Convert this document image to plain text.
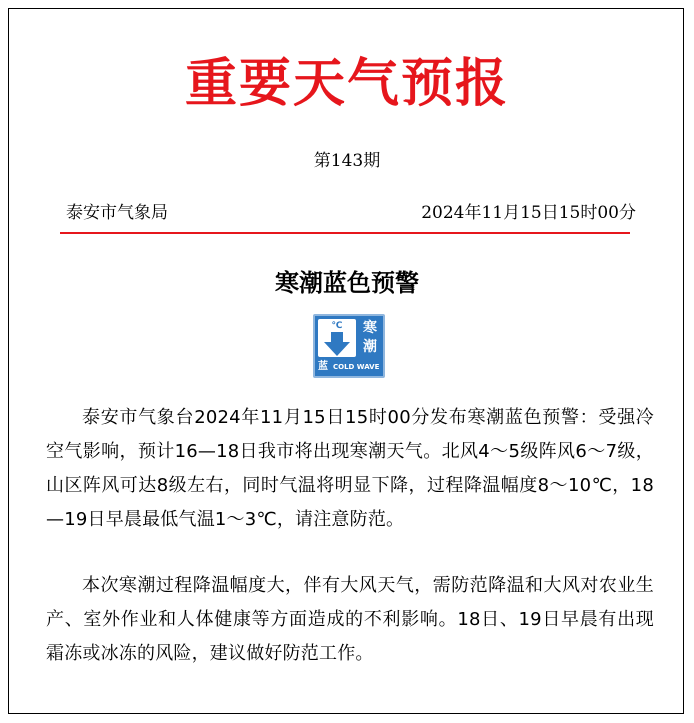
重要天气预报
第143期
泰安市气象局	2024年11月15日15时00分
寒潮蓝色预警
℃	寒
潮
蓝 COLD WAVE

泰安市气象台2024年11月15日15时00分发布寒潮蓝色预警：受强冷空气影响，预计16—18日我市将出现寒潮天气。北风4～5级阵风6～7级，山区阵风可达8级左右，同时气温将明显下降，过程降温幅度8～10℃，18—19日早晨最低气温1～3℃，请注意防范。

本次寒潮过程降温幅度大，伴有大风天气，需防范降温和大风对农业生产、室外作业和人体健康等方面造成的不利影响。18日、19日早晨有出现霜冻或冰冻的风险，建议做好防范工作。
